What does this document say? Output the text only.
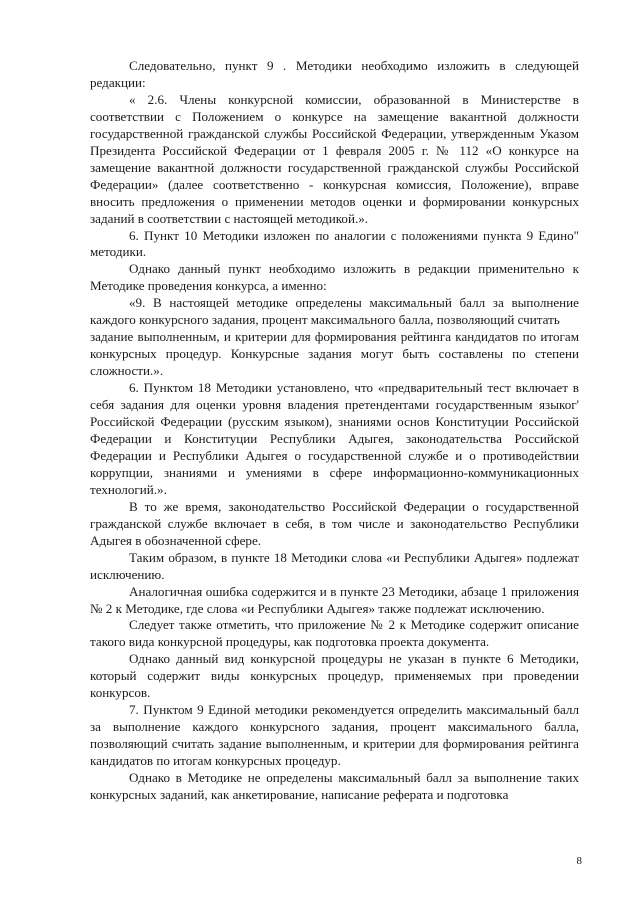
Следовательно, пункт 9 . Методики необходимо изложить в следующей редакции:

« 2.6. Члены конкурсной комиссии, образованной в Министерстве в соответствии с Положением о конкурсе на замещение вакантной должности государственной гражданской службы Российской Федерации, утвержденным Указом Президента Российской Федерации от 1 февраля 2005 г. № 112 «О конкурсе на замещение вакантной должности государственной гражданской службы Российской Федерации» (далее соответственно - конкурсная комиссия, Положение), вправе вносить предложения о применении методов оценки и формировании конкурсных заданий в соответствии с настоящей методикой.».

6. Пункт 10 Методики изложен по аналогии с положениями пункта 9 Едино" методики.

Однако данный пункт необходимо изложить в редакции применительно к Методике проведения конкурса, а именно:

«9. В настоящей методике определены максимальный балл за выполнение каждого конкурсного задания, процент максимального балла, позволяющий считать

задание выполненным, и критерии для формирования рейтинга кандидатов по итогам конкурсных процедур. Конкурсные задания могут быть составлены по степени сложности.».

6. Пунктом 18 Методики установлено, что «предварительный тест включает в себя задания для оценки уровня владения претендентами государственным языког' Российской Федерации (русским языком), знаниями основ Конституции Российской Федерации и Конституции Республики Адыгея, законодательства Российской Федерации и Республики Адыгея о государственной службе и о противодействии коррупции, знаниями и умениями в сфере информационно-коммуникационных технологий.».

В то же время, законодательство Российской Федерации о государственной гражданской службе включает в себя, в том числе и законодательство Республики Адыгея в обозначенной сфере.

Таким образом, в пункте 18 Методики слова «и Республики Адыгея» подлежат исключению.

Аналогичная ошибка содержится и в пункте 23 Методики, абзаце 1 приложения № 2 к Методике, где слова «и Республики Адыгея» также подлежат исключению.

Следует также отметить, что приложение № 2 к Методике содержит описание такого вида конкурсной процедуры, как подготовка проекта документа.

Однако данный вид конкурсной процедуры не указан в пункте 6 Методики, который содержит виды конкурсных процедур, применяемых при проведении конкурсов.

7. Пунктом 9 Единой методики рекомендуется определить максимальный балл за выполнение каждого конкурсного задания, процент максимального балла, позволяющий считать задание выполненным, и критерии для формирования рейтинга кандидатов по итогам конкурсных процедур.

Однако в Методике не определены максимальный балл за выполнение таких конкурсных заданий, как анкетирование, написание реферата и подготовка

8
